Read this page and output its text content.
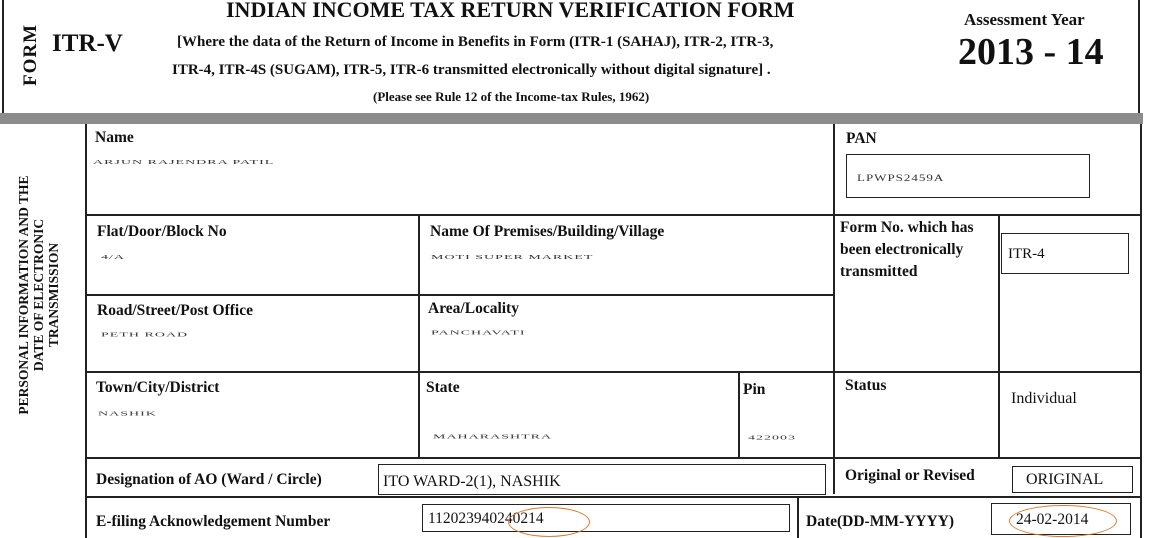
FORM ITR-V
INDIAN INCOME TAX RETURN VERIFICATION FORM
[Where the data of the Return of Income in Benefits in Form (ITR-1 (SAHAJ), ITR-2, ITR-3,
ITR-4, ITR-4S (SUGAM), ITR-5, ITR-6 transmitted electronically without digital signature] .
(Please see Rule 12 of the Income-tax Rules, 1962)
Assessment Year
2013 - 14
PERSONAL INFORMATION AND THE DATE OF ELECTRONIC TRANSMISSION
Name
ARJUN RAJENDRA PATIL
PAN
LPWPS2459A
Flat/Door/Block No
4/A
Name Of Premises/Building/Village
MOTI SUPER MARKET
Form No. which has been electronically transmitted
ITR-4
Road/Street/Post Office
PETH ROAD
Area/Locality
PANCHAVATI
Town/City/District
NASHIK
State
MAHARASHTRA
Pin
422003
Status
Individual
Designation of AO (Ward / Circle)	ITO WARD-2(1), NASHIK	Original or Revised	ORIGINAL
E-filing Acknowledgement Number	112023940240214	Date(DD-MM-YYYY)	24-02-2014
